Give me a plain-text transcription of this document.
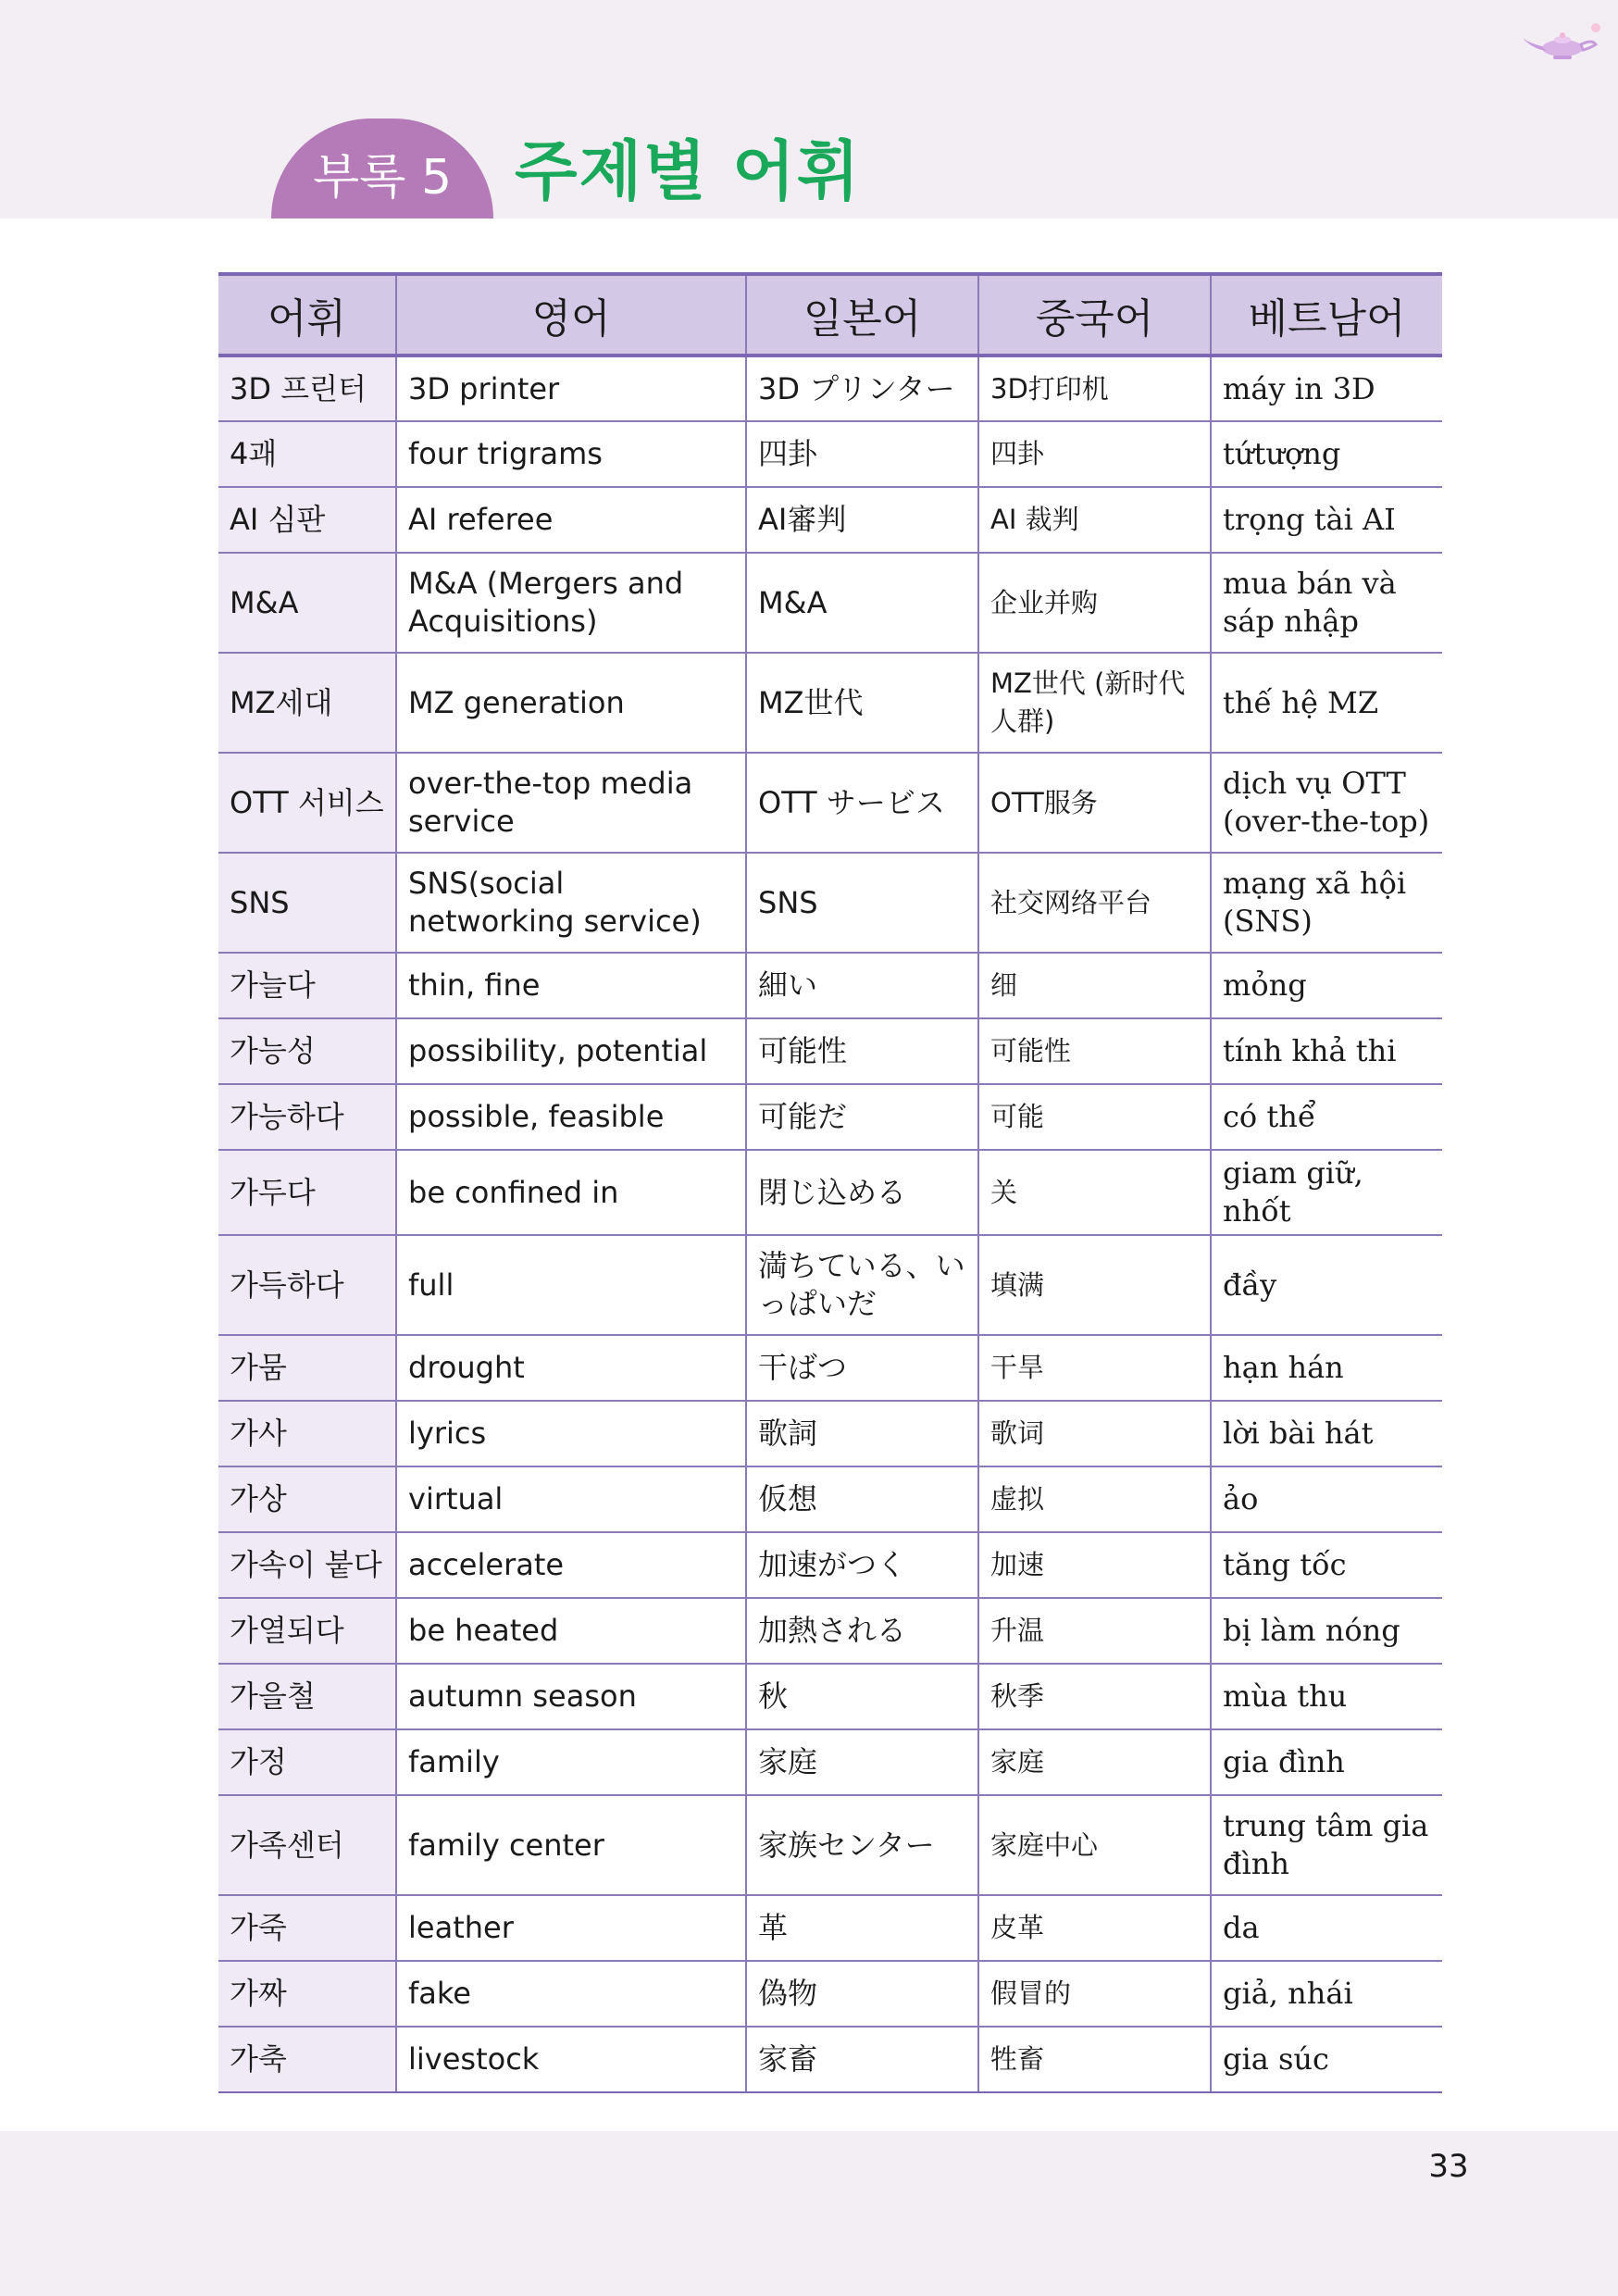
부록 5 주제별 어휘
어휘	영어	일본어	중국어	베트남어
3D 프린터	3D printer	3D プリンター	3D打印机	máy in 3D
4괘	four trigrams	四卦	四卦	tứtượng
AI 심판	AI referee	AI審判	AI 裁判	trọng tài AI
M&A	M&A (Mergers and Acquisitions)	M&A	企业并购	mua bán và sáp nhập
MZ세대	MZ generation	MZ世代	MZ世代 (新时代人群)	thế hệ MZ
OTT 서비스	over-the-top media service	OTT サービス	OTT服务	dịch vụ OTT (over-the-top)
SNS	SNS(social networking service)	SNS	社交网络平台	mạng xã hội (SNS)
가늘다	thin, fine	細い	细	mỏng
가능성	possibility, potential	可能性	可能性	tính khả thi
가능하다	possible, feasible	可能だ	可能	có thể
가두다	be confined in	閉じ込める	关	giam giữ, nhốt
가득하다	full	満ちている、いっぱいだ	填满	đầy
가뭄	drought	干ばつ	干旱	hạn hán
가사	lyrics	歌詞	歌词	lời bài hát
가상	virtual	仮想	虚拟	ảo
가속이 붙다	accelerate	加速がつく	加速	tăng tốc
가열되다	be heated	加熱される	升温	bị làm nóng
가을철	autumn season	秋	秋季	mùa thu
가정	family	家庭	家庭	gia đình
가족센터	family center	家族センター	家庭中心	trung tâm gia đình
가죽	leather	革	皮革	da
가짜	fake	偽物	假冒的	giả, nhái
가축	livestock	家畜	牲畜	gia súc
33
